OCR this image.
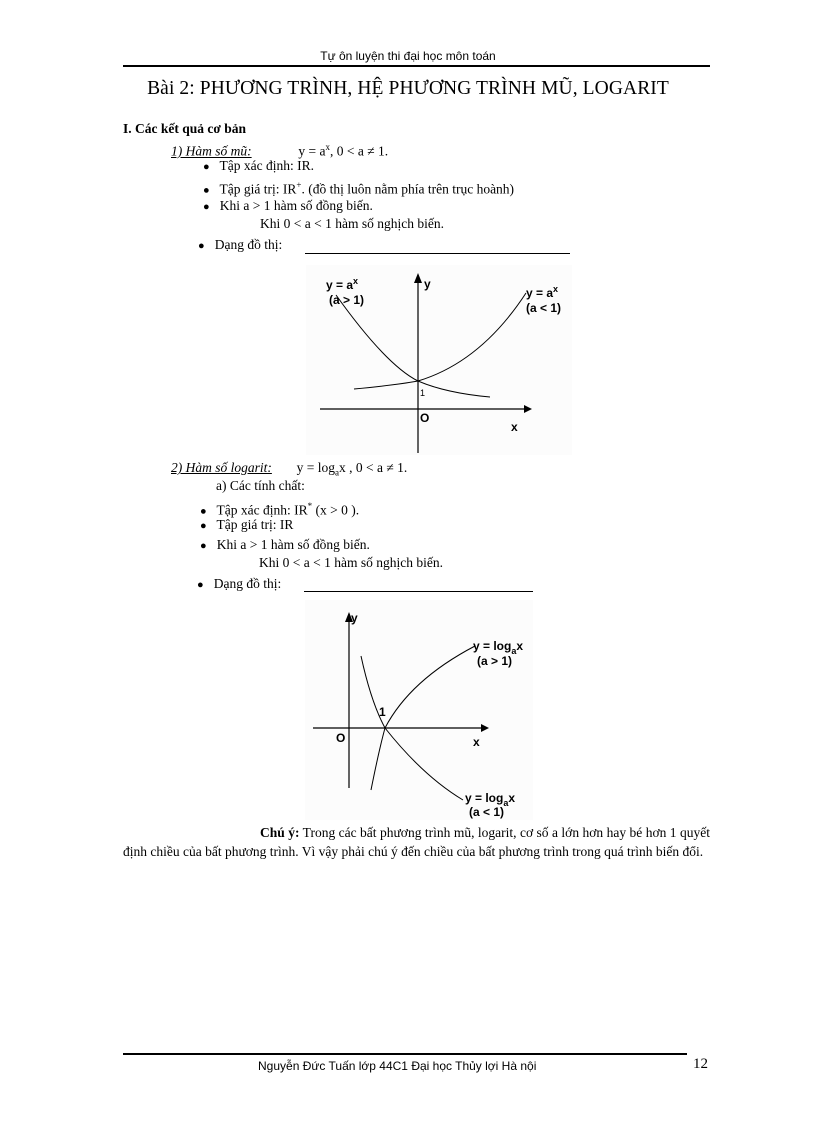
Tự ôn luyện thi đại học môn toán
Bài 2: PHƯƠNG TRÌNH, HỆ PHƯƠNG TRÌNH MŨ, LOGARIT
I. Các kết quả cơ bản
1) Hàm số mũ:	$y = a^x$, 0 < a ≠ 1.
● Tập xác định: IR.
● Tập giá trị: IR+. (đồ thị luôn nằm phía trên trục hoành)
● Khi a > 1 hàm số đồng biến.
Khi 0 < a < 1 hàm số nghịch biến.
● Dạng đồ thị:
$y = a^x$
(a > 1)	$y = a^x$
(a < 1)
y
x
O
1
2) Hàm số logarit: $y = \log_ax$ , 0 < a ≠ 1.
a) Các tính chất:
● Tập xác định: IR* (x > 0 ).
● Tập giá trị: IR
● Khi a > 1 hàm số đồng biến.
Khi 0 < a < 1 hàm số nghịch biến.
● Dạng đồ thị:
y
x
O
1
$y = \log_ax$
(a > 1)
$y = \log_ax$
(a < 1)
Chú ý: Trong các bất phương trình mũ, logarit, cơ số a lớn hơn hay bé hơn 1 quyết định chiều của bất phương trình. Vì vậy phải chú ý đến chiều của bất phương trình trong quá trình biến đổi.
Nguyễn Đức Tuấn lớp 44C1 Đại học Thủy lợi Hà nội	12
